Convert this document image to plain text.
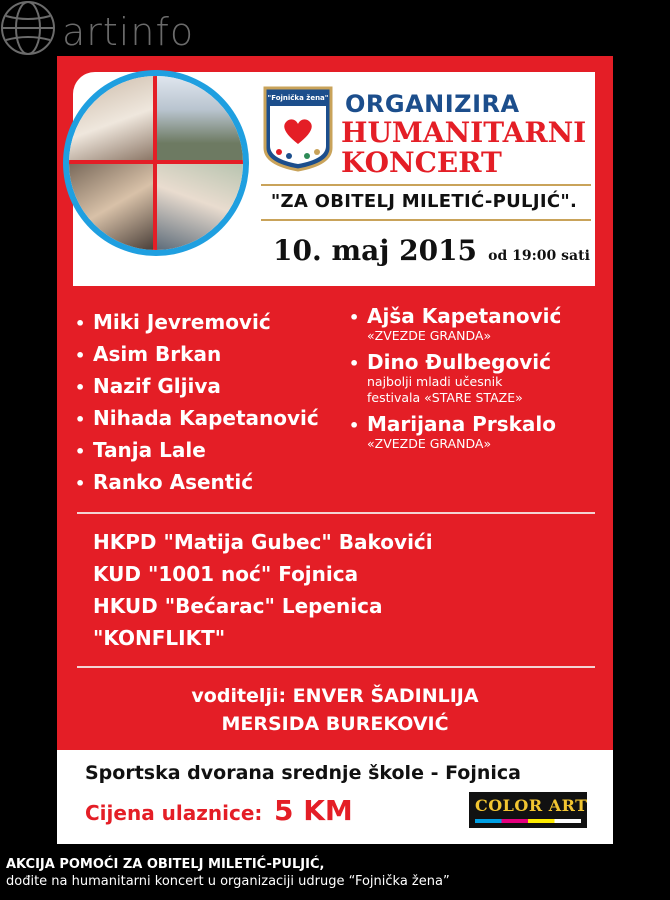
artinfo
"Fojnička žena" ORGANIZIRA
HUMANITARNI
KONCERT
"ZA OBITELJ MILETIĆ-PULJIĆ".
10. maj 2015 od 19:00 sati
• Miki Jevremović
• Asim Brkan
• Nazif Gljiva
• Nihada Kapetanović
• Tanja Lale
• Ranko Asentić
• Ajša Kapetanović
«ZVEZDE GRANDA»
• Dino Đulbegović
najbolji mladi učesnik
festivala «STARE STAZE»
• Marijana Prskalo
«ZVEZDE GRANDA»
HKPD "Matija Gubec" Bakovići
KUD "1001 noć" Fojnica
HKUD "Bećarac" Lepenica
"KONFLIKT"
voditelji: ENVER ŠADINLIJA
MERSIDA BUREKOVIĆ
Sportska dvorana srednje škole - Fojnica
Cijena ulaznice: 5 KM	COLOR ART
AKCIJA POMOĆI ZA OBITELJ MILETIĆ-PULJIĆ,
dođite na humanitarni koncert u organizaciji udruge “Fojnička žena”
